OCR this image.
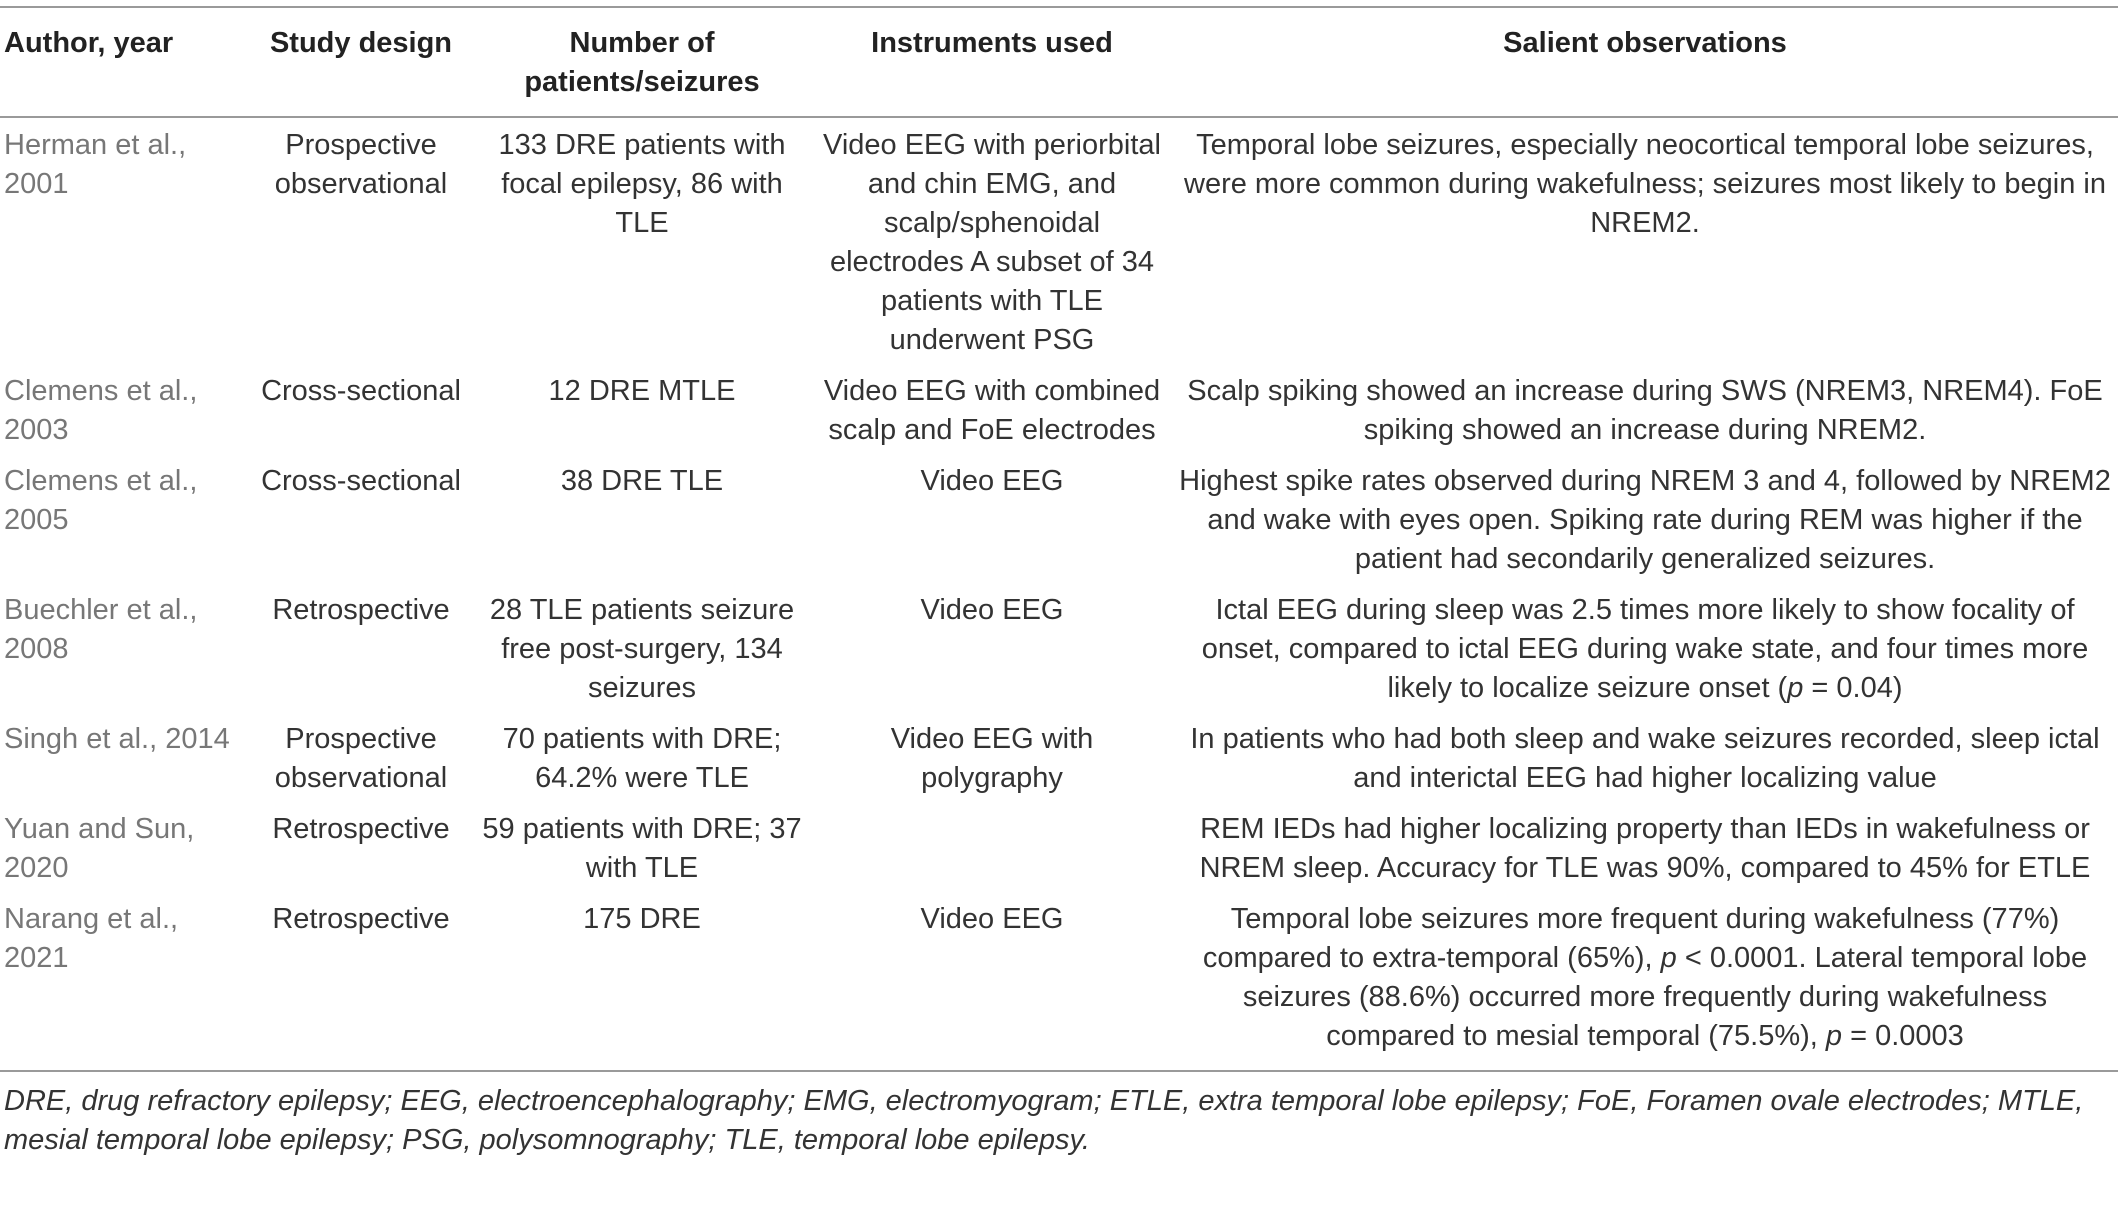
Author, year	Study design	Number of patients/seizures	Instruments used	Salient observations
Herman et al., 2001	Prospective observational	133 DRE patients with focal epilepsy, 86 with TLE	Video EEG with periorbital and chin EMG, and scalp/sphenoidal electrodes A subset of 34 patients with TLE underwent PSG	Temporal lobe seizures, especially neocortical temporal lobe seizures, were more common during wakefulness; seizures most likely to begin in NREM2.
Clemens et al., 2003	Cross-sectional	12 DRE MTLE	Video EEG with combined scalp and FoE electrodes	Scalp spiking showed an increase during SWS (NREM3, NREM4). FoE spiking showed an increase during NREM2.
Clemens et al., 2005	Cross-sectional	38 DRE TLE	Video EEG	Highest spike rates observed during NREM 3 and 4, followed by NREM2 and wake with eyes open. Spiking rate during REM was higher if the patient had secondarily generalized seizures.
Buechler et al., 2008	Retrospective	28 TLE patients seizure free post-surgery, 134 seizures	Video EEG	Ictal EEG during sleep was 2.5 times more likely to show focality of onset, compared to ictal EEG during wake state, and four times more likely to localize seizure onset (p = 0.04)
Singh et al., 2014	Prospective observational	70 patients with DRE; 64.2% were TLE	Video EEG with polygraphy	In patients who had both sleep and wake seizures recorded, sleep ictal and interictal EEG had higher localizing value
Yuan and Sun, 2020	Retrospective	59 patients with DRE; 37 with TLE		REM IEDs had higher localizing property than IEDs in wakefulness or NREM sleep. Accuracy for TLE was 90%, compared to 45% for ETLE
Narang et al., 2021	Retrospective	175 DRE	Video EEG	Temporal lobe seizures more frequent during wakefulness (77%) compared to extra-temporal (65%), p < 0.0001. Lateral temporal lobe seizures (88.6%) occurred more frequently during wakefulness compared to mesial temporal (75.5%), p = 0.0003
DRE, drug refractory epilepsy; EEG, electroencephalography; EMG, electromyogram; ETLE, extra temporal lobe epilepsy; FoE, Foramen ovale electrodes; MTLE, mesial temporal lobe epilepsy; PSG, polysomnography; TLE, temporal lobe epilepsy.
